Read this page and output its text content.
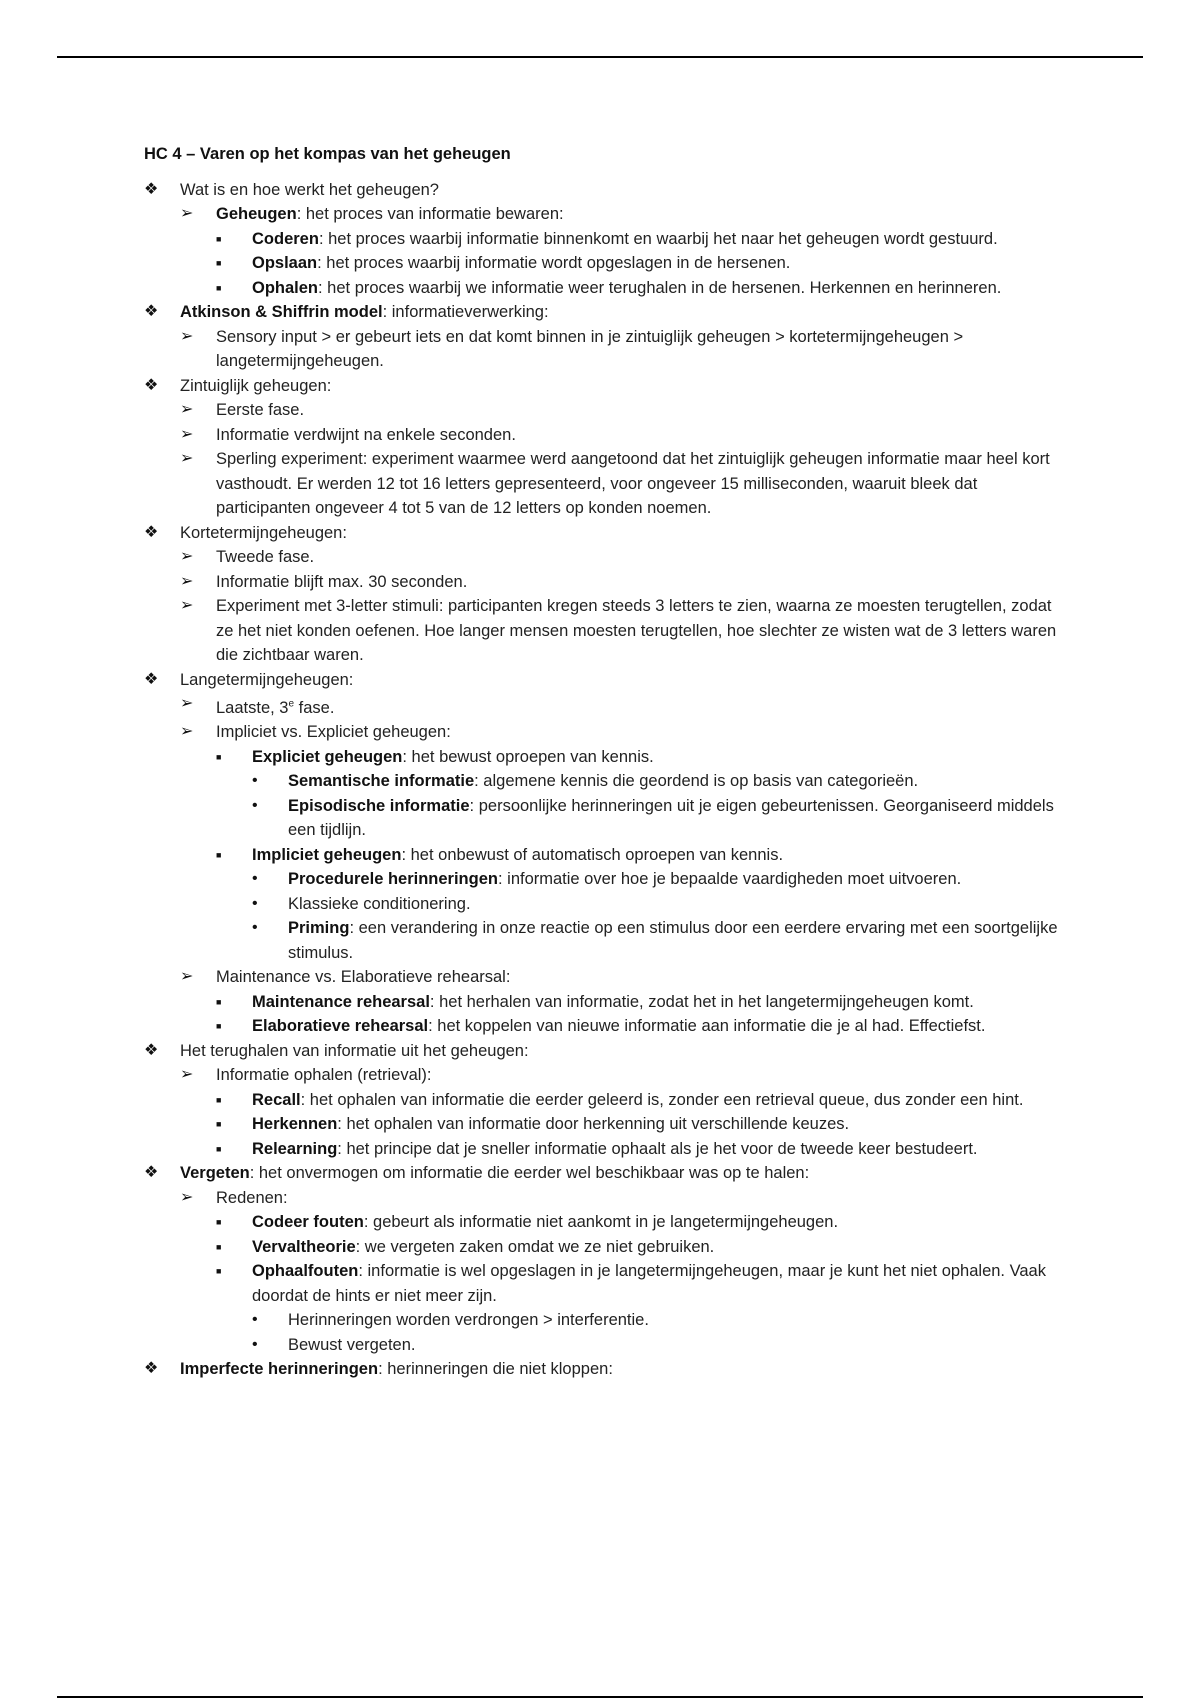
HC 4 – Varen op het kompas van het geheugen
❖	Wat is en hoe werkt het geheugen?
➢	Geheugen: het proces van informatie bewaren:
■	Coderen: het proces waarbij informatie binnenkomt en waarbij het naar het geheugen wordt gestuurd.
■	Opslaan: het proces waarbij informatie wordt opgeslagen in de hersenen.
■	Ophalen: het proces waarbij we informatie weer terughalen in de hersenen. Herkennen en herinneren.
❖	Atkinson & Shiffrin model: informatieverwerking:
➢	Sensory input > er gebeurt iets en dat komt binnen in je zintuiglijk geheugen > kortetermijngeheugen > langetermijngeheugen.
❖	Zintuiglijk geheugen:
➢	Eerste fase.
➢	Informatie verdwijnt na enkele seconden.
➢	Sperling experiment: experiment waarmee werd aangetoond dat het zintuiglijk geheugen informatie maar heel kort vasthoudt. Er werden 12 tot 16 letters gepresenteerd, voor ongeveer 15 milliseconden, waaruit bleek dat participanten ongeveer 4 tot 5 van de 12 letters op konden noemen.
❖	Kortetermijngeheugen:
➢	Tweede fase.
➢	Informatie blijft max. 30 seconden.
➢	Experiment met 3-letter stimuli: participanten kregen steeds 3 letters te zien, waarna ze moesten terugtellen, zodat ze het niet konden oefenen. Hoe langer mensen moesten terugtellen, hoe slechter ze wisten wat de 3 letters waren die zichtbaar waren.
❖	Langetermijngeheugen:
➢	Laatste, 3e fase.
➢	Impliciet vs. Expliciet geheugen:
■	Expliciet geheugen: het bewust oproepen van kennis.
•	Semantische informatie: algemene kennis die geordend is op basis van categorieën.
•	Episodische informatie: persoonlijke herinneringen uit je eigen gebeurtenissen. Georganiseerd middels een tijdlijn.
■	Impliciet geheugen: het onbewust of automatisch oproepen van kennis.
•	Procedurele herinneringen: informatie over hoe je bepaalde vaardigheden moet uitvoeren.
•	Klassieke conditionering.
•	Priming: een verandering in onze reactie op een stimulus door een eerdere ervaring met een soortgelijke stimulus.
➢	Maintenance vs. Elaboratieve rehearsal:
■	Maintenance rehearsal: het herhalen van informatie, zodat het in het langetermijngeheugen komt.
■	Elaboratieve rehearsal: het koppelen van nieuwe informatie aan informatie die je al had. Effectiefst.
❖	Het terughalen van informatie uit het geheugen:
➢	Informatie ophalen (retrieval):
■	Recall: het ophalen van informatie die eerder geleerd is, zonder een retrieval queue, dus zonder een hint.
■	Herkennen: het ophalen van informatie door herkenning uit verschillende keuzes.
■	Relearning: het principe dat je sneller informatie ophaalt als je het voor de tweede keer bestudeert.
❖	Vergeten: het onvermogen om informatie die eerder wel beschikbaar was op te halen:
➢	Redenen:
■	Codeer fouten: gebeurt als informatie niet aankomt in je langetermijngeheugen.
■	Vervaltheorie: we vergeten zaken omdat we ze niet gebruiken.
■	Ophaalfouten: informatie is wel opgeslagen in je langetermijngeheugen, maar je kunt het niet ophalen. Vaak doordat de hints er niet meer zijn.
•	Herinneringen worden verdrongen > interferentie.
•	Bewust vergeten.
❖	Imperfecte herinneringen: herinneringen die niet kloppen:
